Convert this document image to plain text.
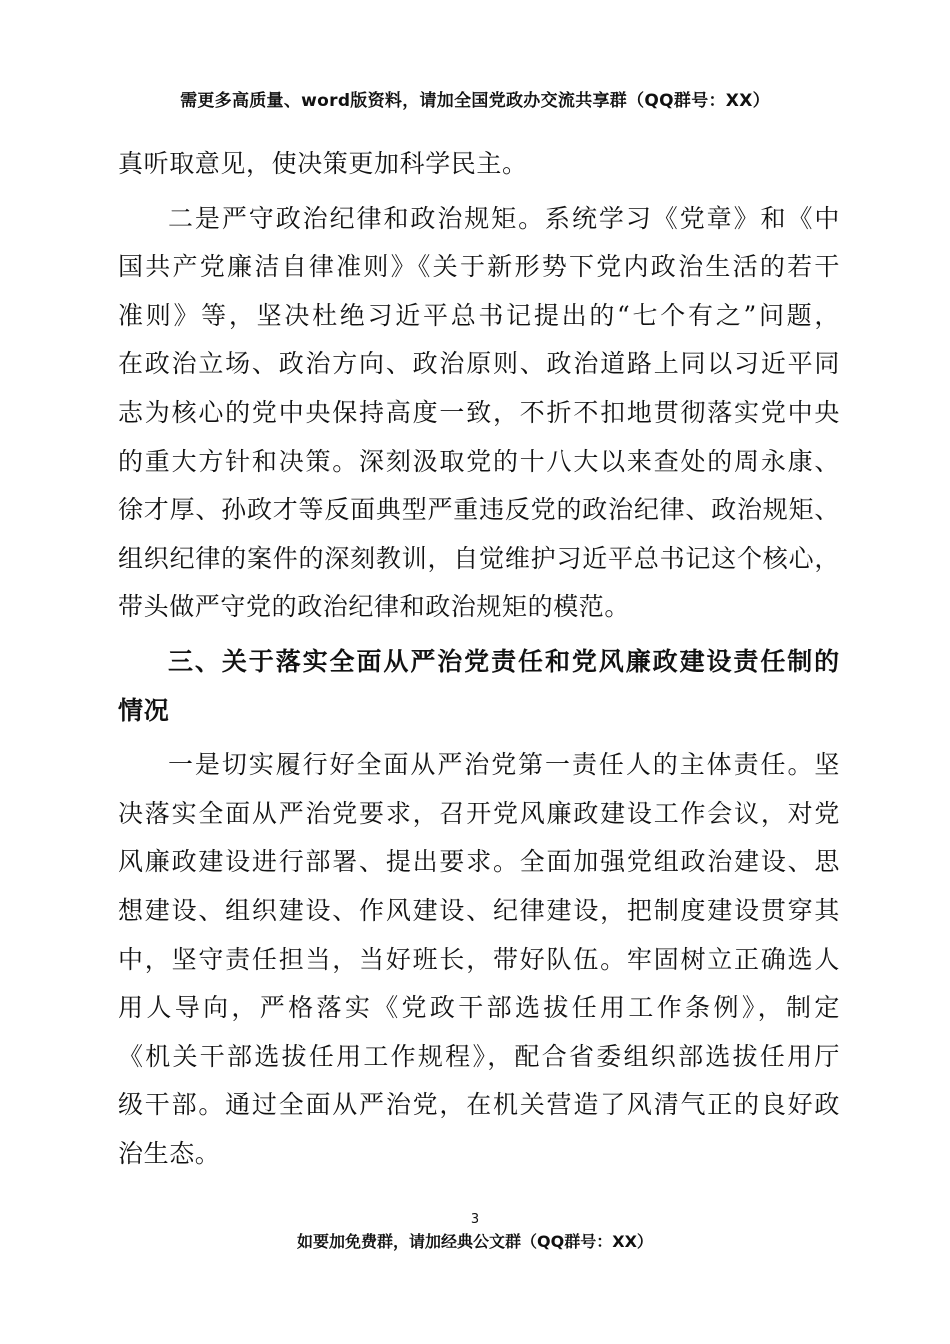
需更多高质量、word版资料，请加全国党政办交流共享群（QQ群号：XX）
真听取意见，使决策更加科学民主。
二是严守政治纪律和政治规矩。系统学习《党章》和《中
国共产党廉洁自律准则》《关于新形势下党内政治生活的若干
准则》等，坚决杜绝习近平总书记提出的“七个有之”问题，
在政治立场、政治方向、政治原则、政治道路上同以习近平同
志为核心的党中央保持高度一致，不折不扣地贯彻落实党中央
的重大方针和决策。深刻汲取党的十八大以来查处的周永康、
徐才厚、孙政才等反面典型严重违反党的政治纪律、政治规矩、
组织纪律的案件的深刻教训，自觉维护习近平总书记这个核心，
带头做严守党的政治纪律和政治规矩的模范。
三、关于落实全面从严治党责任和党风廉政建设责任制的
情况
一是切实履行好全面从严治党第一责任人的主体责任。坚
决落实全面从严治党要求，召开党风廉政建设工作会议，对党
风廉政建设进行部署、提出要求。全面加强党组政治建设、思
想建设、组织建设、作风建设、纪律建设，把制度建设贯穿其
中，坚守责任担当，当好班长，带好队伍。牢固树立正确选人
用人导向，严格落实《党政干部选拔任用工作条例》，制定
《机关干部选拔任用工作规程》，配合省委组织部选拔任用厅
级干部。通过全面从严治党，在机关营造了风清气正的良好政
治生态。
3
如要加免费群，请加经典公文群（QQ群号：XX）
